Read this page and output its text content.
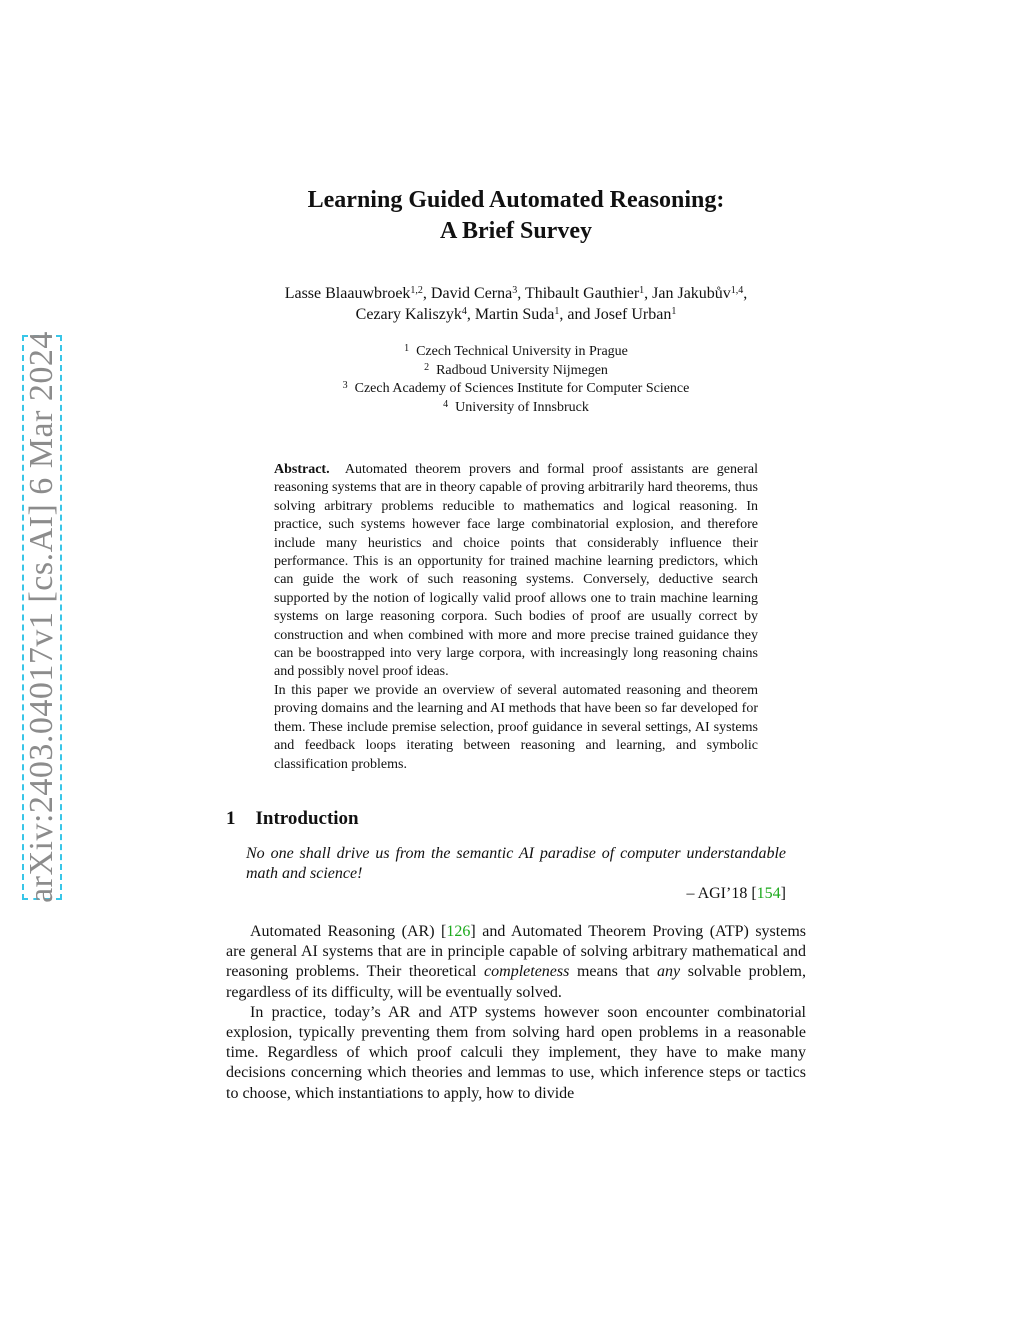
arXiv:2403.04017v1 [cs.AI] 6 Mar 2024
Learning Guided Automated Reasoning:
A Brief Survey
Lasse Blaauwbroek$^{1,2}$, David Cerna$^3$, Thibault Gauthier$^1$, Jan Jakubův$^{1,4}$,
Cezary Kaliszyk$^4$, Martin Suda$^1$, and Josef Urban$^1$
$^1$ Czech Technical University in Prague
$^2$ Radboud University Nijmegen
$^3$ Czech Academy of Sciences Institute for Computer Science
$^4$ University of Innsbruck

Abstract. Automated theorem provers and formal proof assistants are general reasoning systems that are in theory capable of proving arbitrarily hard theorems, thus solving arbitrary problems reducible to mathematics and logical reasoning. In practice, such systems however face large combinatorial explosion, and therefore include many heuristics and choice points that considerably influence their performance. This is an opportunity for trained machine learning predictors, which can guide the work of such reasoning systems. Conversely, deductive search supported by the notion of logically valid proof allows one to train machine learning systems on large reasoning corpora. Such bodies of proof are usually correct by construction and when combined with more and more precise trained guidance they can be boostrapped into very large corpora, with increasingly long reasoning chains and possibly novel proof ideas.

In this paper we provide an overview of several automated reasoning and theorem proving domains and the learning and AI methods that have been so far developed for them. These include premise selection, proof guidance in several settings, AI systems and feedback loops iterating between reasoning and learning, and symbolic classification problems.

1 Introduction
No one shall drive us from the semantic AI paradise of computer understandable math and science!
– AGI’18 [154]

Automated Reasoning (AR) [126] and Automated Theorem Proving (ATP) systems are general AI systems that are in principle capable of solving arbitrary mathematical and reasoning problems. Their theoretical completeness means that any solvable problem, regardless of its difficulty, will be eventually solved.

In practice, today’s AR and ATP systems however soon encounter combinatorial explosion, typically preventing them from solving hard open problems in a reasonable time. Regardless of which proof calculi they implement, they have to make many decisions concerning which theories and lemmas to use, which inference steps or tactics to choose, which instantiations to apply, how to divide
